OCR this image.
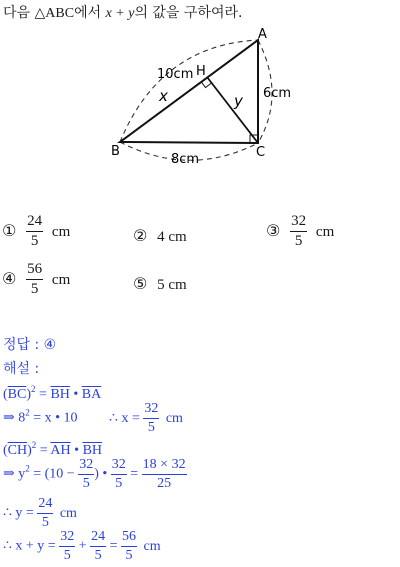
다음 △ABC에서 x + y의 값을 구하여라.
A
B	C
H
10cm
6cm
8cm
x	y
① $\frac{24}{5}$ cm	② 4 cm	③ $\frac{32}{5}$ cm
④ $\frac{56}{5}$ cm	⑤ 5 cm
정답 : ④
해설 :
$(\overline{BC})^2 = \overline{BH}$ • $\overline{BA}$
⇒ $8^2 = x$ • 10 ∴ $x = \frac{32}{5}$ cm
$(\overline{CH})^2 = \overline{AH}$ • $\overline{BH}$
⇒ $y^2 = (10 - \frac{32}{5}$ ) • $\frac{32}{5} = \frac{18 \times 32}{25}$
∴ $y = \frac{24}{5}$ cm
∴ $x + y = \frac{32}{5} + \frac{24}{5} = \frac{56}{5}$ cm
